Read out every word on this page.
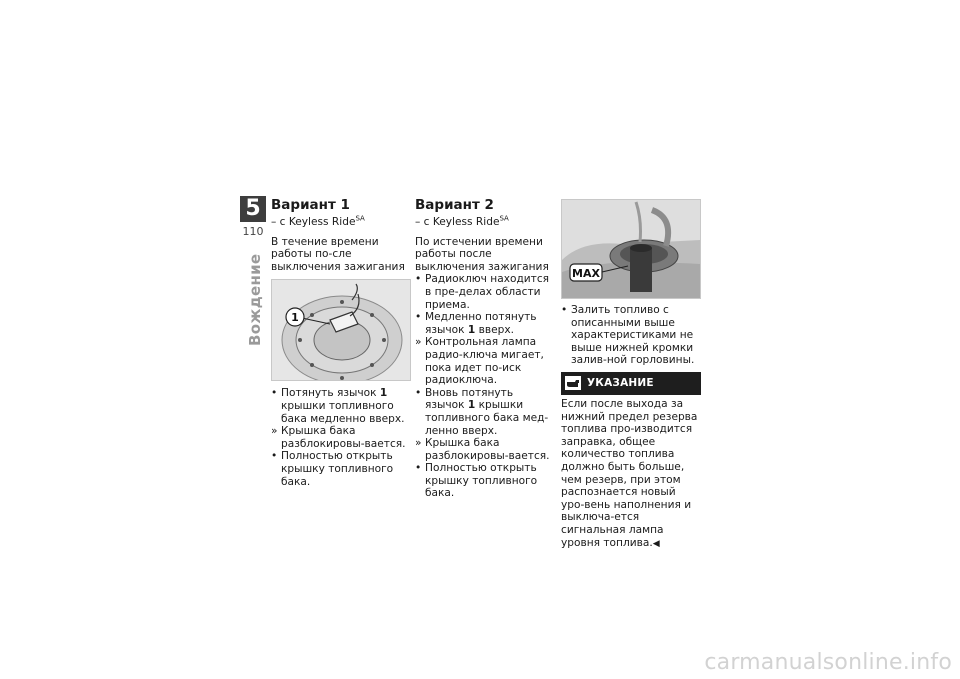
5
110
Вождение
Вариант 1

– с Keyless Ride$^{SA}$

В течение времени работы по-сле выключения зажигания

1
• Потянуть язычок 1 крышки топливного бака медленно вверх.
» Крышка бака разблокировы-вается.
• Полностью открыть крышку топливного бака.
Вариант 2

– с Keyless Ride$^{SA}$

По истечении времени работы после выключения зажигания

• Радиоключ находится в пре-делах области приема.
• Медленно потянуть язычок 1 вверх.
» Контрольная лампа радио-ключа мигает, пока идет по-иск радиоключа.
• Вновь потянуть язычок 1 крышки топливного бака мед-ленно вверх.
» Крышка бака разблокировы-вается.
• Полностью открыть крышку топливного бака.
MAX
• Залить топливо с описанными выше характеристиками не выше нижней кромки залив-ной горловины.
УКАЗАНИЕ

Если после выхода за нижний предел резерва топлива про-изводится заправка, общее количество топлива должно быть больше, чем резерв, при этом распознается новый уро-вень наполнения и выключа-ется сигнальная лампа уровня топлива.◀

carmanualsonline.info
